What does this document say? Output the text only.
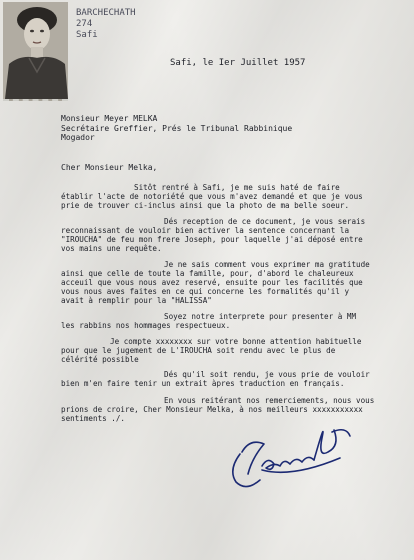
BARCHECHATH
274
Safi
Safi, le Ier Juillet 1957
Monsieur Meyer MELKA
Secrétaire Greffier, Prés le Tribunal Rabbinique
Mogador
Cher Monsieur Melka,
Sitôt rentré à Safi, je me suis haté de faire
établir l'acte de notoriété que vous m'avez demandé et que je vous
prie de trouver ci-inclus ainsi que la photo de ma belle soeur.
Dés reception de ce document, je vous serais
reconnaissant de vouloir bien activer la sentence concernant la
"IROUCHA" de feu mon frere Joseph, pour laquelle j'ai déposé entre
vos mains une requête.
Je ne sais comment vous exprimer ma gratitude
ainsi que celle de toute la famille, pour, d'abord le chaleureux
acceuil que vous nous avez reservé, ensuite pour les facilités que
vous nous aves faites en ce qui concerne les formalités qu'il y
avait à remplir pour la "HALISSA"
Soyez notre interprete pour presenter à MM
les rabbins nos hommages respectueux.
Je compte xxxxxxxx sur votre bonne attention habituelle
pour que le jugement de L'IROUCHA soit rendu avec le plus de
célérité possible
Dés qu'il soit rendu, je vous prie de vouloir
bien m'en faire tenir un extrait àpres traduction en français.
En vous reitérant nos remerciements, nous vous
prions de croire, Cher Monsieur Melka, à nos meilleurs xxxxxxxxxxx
sentiments ./.
